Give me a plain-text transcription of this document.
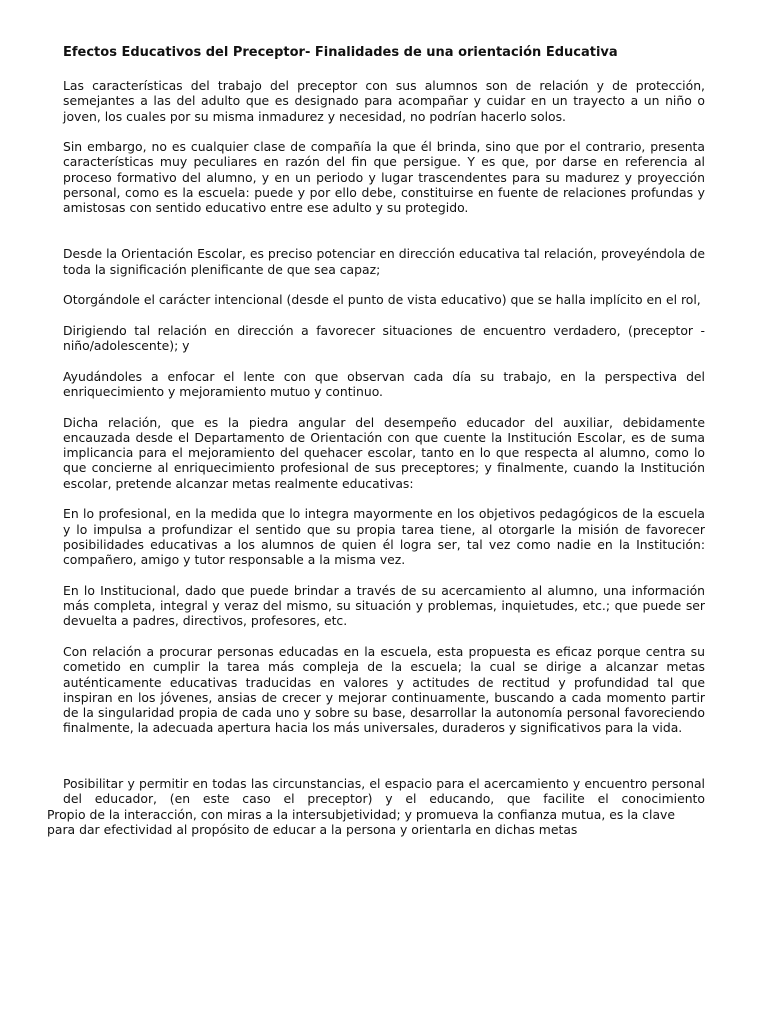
Efectos Educativos del Preceptor- Finalidades de una orientación Educativa

Las características del trabajo del preceptor con sus alumnos son de relación y de protección, semejantes a las del adulto que es designado para acompañar y cuidar en un trayecto a un niño o joven, los cuales por su misma inmadurez y necesidad, no podrían hacerlo solos.

Sin embargo, no es cualquier clase de compañía la que él brinda, sino que por el contrario, presenta características muy peculiares en razón del fin que persigue. Y es que, por darse en referencia al proceso formativo del alumno, y en un periodo y lugar trascendentes para su madurez y proyección personal, como es la escuela: puede y por ello debe, constituirse en fuente de relaciones profundas y amistosas con sentido educativo entre ese adulto y su protegido.

Desde la Orientación Escolar, es preciso potenciar en dirección educativa tal relación, proveyéndola de toda la significación plenificante de que sea capaz;

Otorgándole el carácter intencional (desde el punto de vista educativo) que se halla implícito en el rol,

Dirigiendo tal relación en dirección a favorecer situaciones de encuentro verdadero, (preceptor - niño/adolescente); y

Ayudándoles a enfocar el lente con que observan cada día su trabajo, en la perspectiva del enriquecimiento y mejoramiento mutuo y continuo.

Dicha relación, que es la piedra angular del desempeño educador del auxiliar, debidamente encauzada desde el Departamento de Orientación con que cuente la Institución Escolar, es de suma implicancia para el mejoramiento del quehacer escolar, tanto en lo que respecta al alumno, como lo que concierne al enriquecimiento profesional de sus preceptores; y finalmente, cuando la Institución escolar, pretende alcanzar metas realmente educativas:

En lo profesional, en la medida que lo integra mayormente en los objetivos pedagógicos de la escuela y lo impulsa a profundizar el sentido que su propia tarea tiene, al otorgarle la misión de favorecer posibilidades educativas a los alumnos de quien él logra ser, tal vez como nadie en la Institución: compañero, amigo y tutor responsable a la misma vez.

En lo Institucional, dado que puede brindar a través de su acercamiento al alumno, una información más completa, integral y veraz del mismo, su situación y problemas, inquietudes, etc.; que puede ser devuelta a padres, directivos, profesores, etc.

Con relación a procurar personas educadas en la escuela, esta propuesta es eficaz porque centra su cometido en cumplir la tarea más compleja de la escuela; la cual se dirige a alcanzar metas auténticamente educativas traducidas en valores y actitudes de rectitud y profundidad tal que inspiran en los jóvenes, ansias de crecer y mejorar continuamente, buscando a cada momento partir de la singularidad propia de cada uno y sobre su base, desarrollar la autonomía personal favoreciendo finalmente, la adecuada apertura hacia los más universales, duraderos y significativos para la vida.

Posibilitar y permitir en todas las circunstancias, el espacio para el acercamiento y encuentro personal del educador, (en este caso el preceptor) y el educando, que facilite el conocimiento
Propio de la interacción, con miras a la intersubjetividad; y promueva la confianza mutua, es la clave para dar efectividad al propósito de educar a la persona y orientarla en dichas metas
